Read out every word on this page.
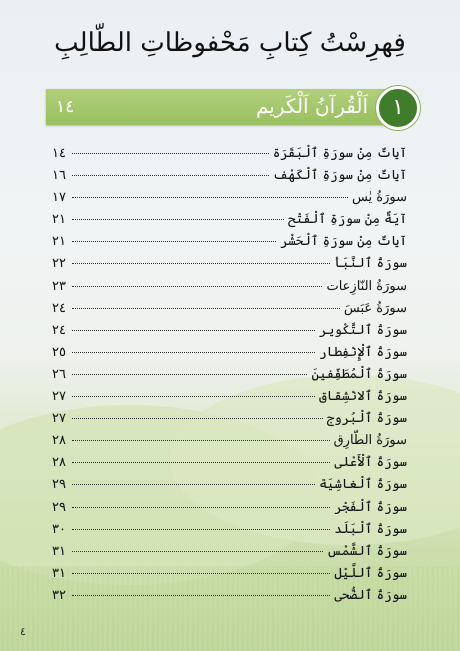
فِهرِسْتُ كِتابِ مَحْفوظاتِ الطّالِبِ
١
اَلْقُرآنُ اَلْكَريم
١٤
آياتٌ مِنْ سورَةِ ٱلْبَقَرَة
١٤
آياتٌ مِنْ سورَةِ ٱلْكَهْف
١٦
سورَةُ يٰس
١٧
آيَةٌ مِنْ سورَةِ ٱلْفَتْح
٢١
آياتٌ مِنْ سورَةِ ٱلْحَشْر
٢١
سورَةُ ٱلنَّبَأ
٢٢
سورَةُ النّازِعات
٢٣
سورَةُ عَبَسَ
٢٤
سورَةُ ٱلتَّكْوير
٢٤
سورَةُ ٱلْإِنْفِطار
٢٥
سورَةُ ٱلْمُطَفِّفينَ
٢٦
سورَةُ ٱلانْشِقاق
٢٧
سورَةُ ٱلْبُروج
٢٧
سورَةُ الطّارِق
٢٨
سورَةُ ٱلْأَعْلى
٢٨
سورَةُ ٱلْغاشِيَة
٢٩
سورَةُ ٱلْفَجْر
٢٩
سورَةُ ٱلْبَلَد
٣٠
سورَةُ ٱلشَّمْس
٣١
سورَةُ ٱللَّيْل
٣١
سورَةُ ٱلضُّحى
٣٢
٤
